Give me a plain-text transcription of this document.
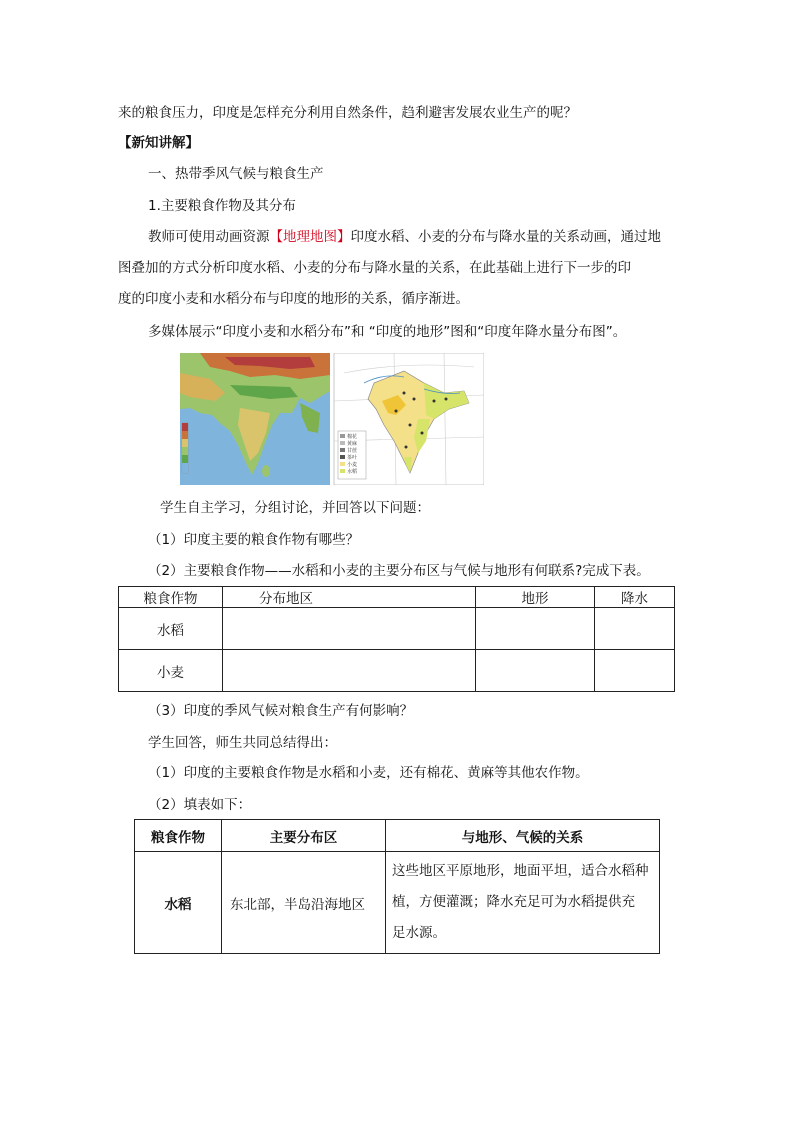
来的粮食压力，印度是怎样充分利用自然条件，趋利避害发展农业生产的呢？
【新知讲解】
一、热带季风气候与粮食生产
1.主要粮食作物及其分布
教师可使用动画资源【地理地图】印度水稻、小麦的分布与降水量的关系动画，通过地
图叠加的方式分析印度水稻、小麦的分布与降水量的关系，在此基础上进行下一步的印
度的印度小麦和水稻分布与印度的地形的关系，循序渐进。
多媒体展示“印度小麦和水稻分布”和 “印度的地形”图和“印度年降水量分布图”。
棉花
黄麻
甘蔗
茶叶
小麦
水稻
学生自主学习，分组讨论，并回答以下问题：
（1）印度主要的粮食作物有哪些？
（2）主要粮食作物——水稻和小麦的主要分布区与气候与地形有何联系?完成下表。
粮食作物	分布地区	地形	降水
水稻			
小麦			
（3）印度的季风气候对粮食生产有何影响？
学生回答，师生共同总结得出：
（1）印度的主要粮食作物是水稻和小麦，还有棉花、黄麻等其他农作物。
（2）填表如下：
粮食作物	主要分布区	与地形、气候的关系
水稻	东北部，半岛沿海地区	这些地区平原地形，地面平坦，适合水稻种
植，方便灌溉；降水充足可为水稻提供充
足水源。
